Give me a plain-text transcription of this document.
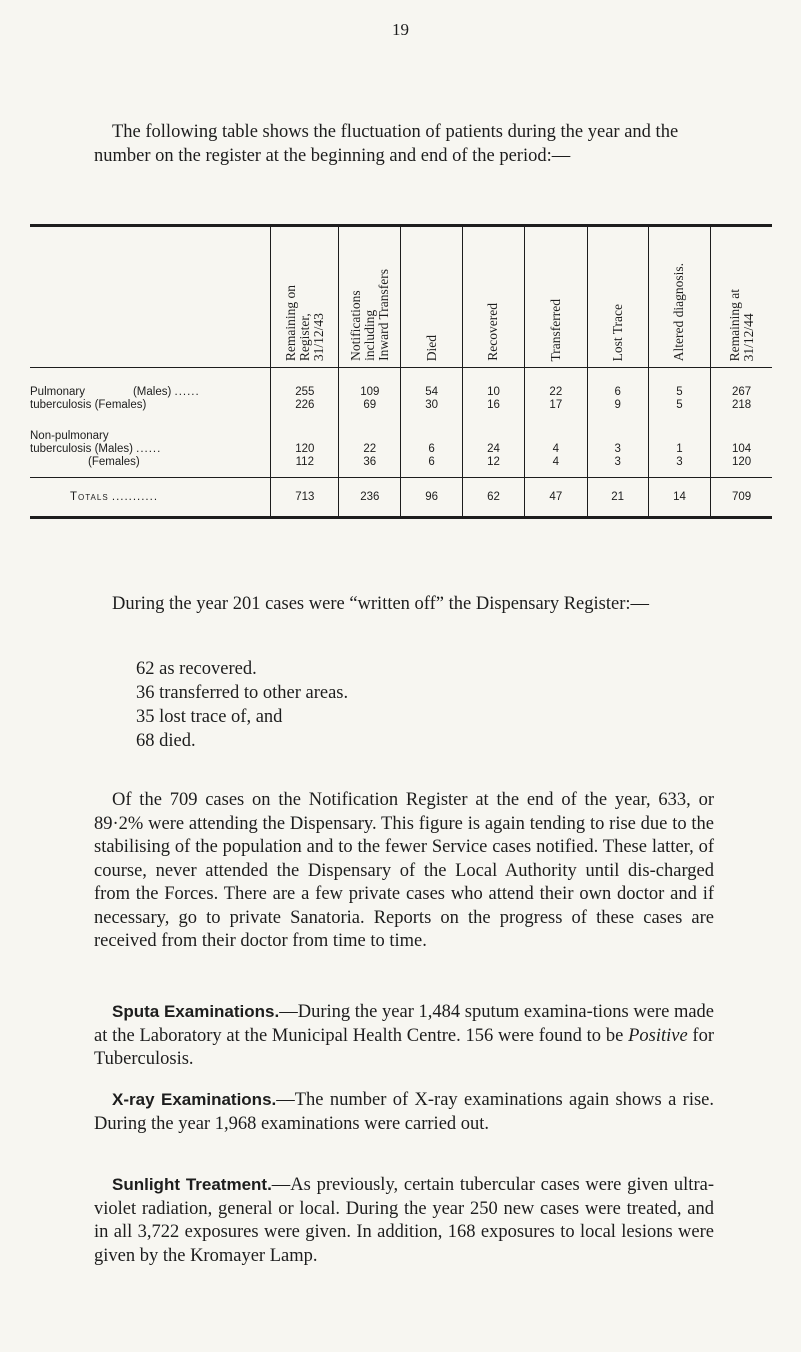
19

The following table shows the fluctuation of patients during the year and the number on the register at the beginning and end of the period:—

	Remaining on
Register,
31/12/43	Notifications
including
Inward Transfers	Died	Recovered	Transferred	Lost Trace	Altered diagnosis.	Remaining at
31/12/44

Pulmonary (Males) ......	255	109	54	10	22	6	5	267
tuberculosis (Females)	226	69	30	16	17	9	5	218

Non-pulmonary								
tuberculosis (Males) ......	120	22	6	24	4	3	1	104
(Females)	112	36	6	12	4	3	3	120

Totals ...........	713	236	96	62	47	21	14	709

During the year 201 cases were “written off” the Dispensary Register:—

62 as recovered.
36 transferred to other areas.
35 lost trace of, and
68 died.

Of the 709 cases on the Notification Register at the end of the year, 633, or 89·2% were attending the Dispensary. This figure is again tending to rise due to the stabilising of the population and to the fewer Service cases notified. These latter, of course, never attended the Dispensary of the Local Authority until dis-charged from the Forces. There are a few private cases who attend their own doctor and if necessary, go to private Sanatoria. Reports on the progress of these cases are received from their doctor from time to time.

Sputa Examinations.—During the year 1,484 sputum examina-tions were made at the Laboratory at the Municipal Health Centre. 156 were found to be Positive for Tuberculosis.

X-ray Examinations.—The number of X-ray examinations again shows a rise. During the year 1,968 examinations were carried out.

Sunlight Treatment.—As previously, certain tubercular cases were given ultra-violet radiation, general or local. During the year 250 new cases were treated, and in all 3,722 exposures were given. In addition, 168 exposures to local lesions were given by the Kromayer Lamp.
